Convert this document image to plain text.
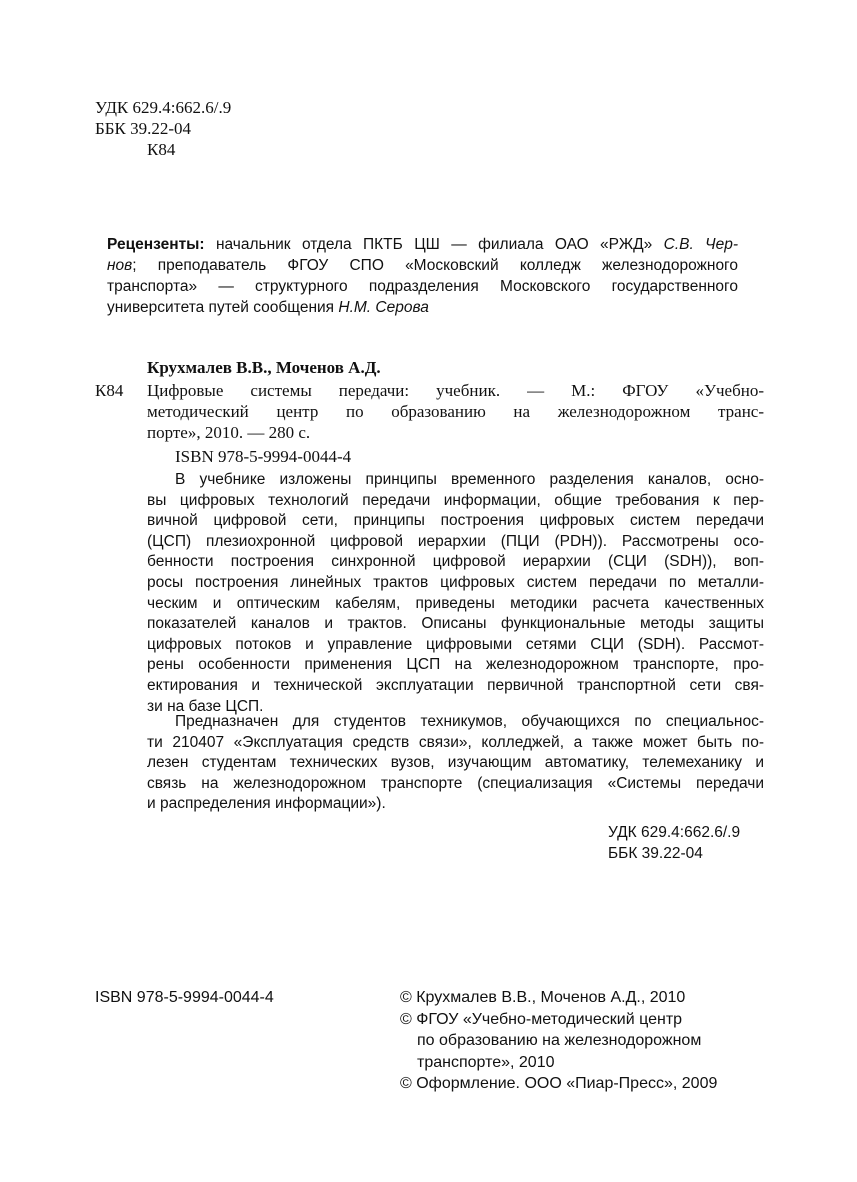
УДК 629.4:662.6/.9
ББК 39.22-04
К84
Рецензенты: начальник отдела ПКТБ ЦШ — филиала ОАО «РЖД» С.В. Чер-
нов; преподаватель ФГОУ СПО «Московский колледж железнодорожного
транспорта» — структурного подразделения Московского государственного
университета путей сообщения Н.М. Серова
Крухмалев В.В., Моченов А.Д.
К84 Цифровые системы передачи: учебник. — М.: ФГОУ «Учебно-
методический центр по образованию на железнодорожном транс-
порте», 2010. — 280 с.
ISBN 978-5-9994-0044-4
В учебнике изложены принципы временного разделения каналов, осно-
вы цифровых технологий передачи информации, общие требования к пер-
вичной цифровой сети, принципы построения цифровых систем передачи
(ЦСП) плезиохронной цифровой иерархии (ПЦИ (PDH)). Рассмотрены осо-
бенности построения синхронной цифровой иерархии (СЦИ (SDH)), воп-
росы построения линейных трактов цифровых систем передачи по металли-
ческим и оптическим кабелям, приведены методики расчета качественных
показателей каналов и трактов. Описаны функциональные методы защиты
цифровых потоков и управление цифровыми сетями СЦИ (SDH). Рассмот-
рены особенности применения ЦСП на железнодорожном транспорте, про-
ектирования и технической эксплуатации первичной транспортной сети свя-
зи на базе ЦСП.
Предназначен для студентов техникумов, обучающихся по специальнос-
ти 210407 «Эксплуатация средств связи», колледжей, а также может быть по-
лезен студентам технических вузов, изучающим автоматику, телемеханику и
связь на железнодорожном транспорте (специализация «Системы передачи
и распределения информации»).
УДК 629.4:662.6/.9
ББК 39.22-04
ISBN 978-5-9994-0044-4	© Крухмалев В.В., Моченов А.Д., 2010
© ФГОУ «Учебно-методический центр
по образованию на железнодорожном
транспорте», 2010
© Оформление. ООО «Пиар-Пресс», 2009
